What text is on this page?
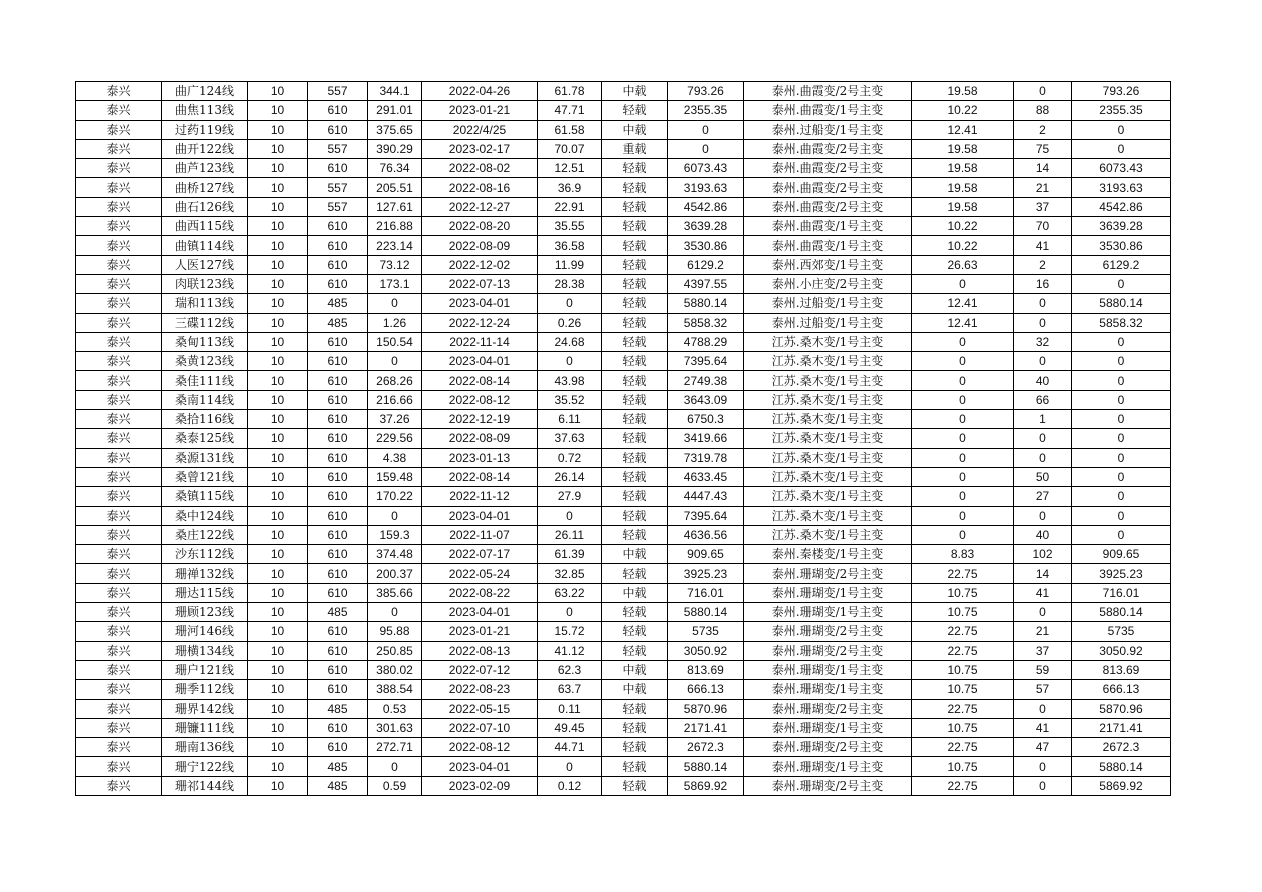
泰兴	曲广124线	10	557	344.1	2022-04-26	61.78	中载	793.26	泰州.曲霞变/2号主变	19.58	0	793.26
泰兴	曲焦113线	10	610	291.01	2023-01-21	47.71	轻载	2355.35	泰州.曲霞变/1号主变	10.22	88	2355.35
泰兴	过药119线	10	610	375.65	2022/4/25	61.58	中载	0	泰州.过船变/1号主变	12.41	2	0
泰兴	曲开122线	10	557	390.29	2023-02-17	70.07	重载	0	泰州.曲霞变/2号主变	19.58	75	0
泰兴	曲芦123线	10	610	76.34	2022-08-02	12.51	轻载	6073.43	泰州.曲霞变/2号主变	19.58	14	6073.43
泰兴	曲桥127线	10	557	205.51	2022-08-16	36.9	轻载	3193.63	泰州.曲霞变/2号主变	19.58	21	3193.63
泰兴	曲石126线	10	557	127.61	2022-12-27	22.91	轻载	4542.86	泰州.曲霞变/2号主变	19.58	37	4542.86
泰兴	曲西115线	10	610	216.88	2022-08-20	35.55	轻载	3639.28	泰州.曲霞变/1号主变	10.22	70	3639.28
泰兴	曲镇114线	10	610	223.14	2022-08-09	36.58	轻载	3530.86	泰州.曲霞变/1号主变	10.22	41	3530.86
泰兴	人医127线	10	610	73.12	2022-12-02	11.99	轻载	6129.2	泰州.西郊变/1号主变	26.63	2	6129.2
泰兴	肉联123线	10	610	173.1	2022-07-13	28.38	轻载	4397.55	泰州.小庄变/2号主变	0	16	0
泰兴	瑞和113线	10	485	0	2023-04-01	0	轻载	5880.14	泰州.过船变/1号主变	12.41	0	5880.14
泰兴	三碟112线	10	485	1.26	2022-12-24	0.26	轻载	5858.32	泰州.过船变/1号主变	12.41	0	5858.32
泰兴	桑甸113线	10	610	150.54	2022-11-14	24.68	轻载	4788.29	江苏.桑木变/1号主变	0	32	0
泰兴	桑黄123线	10	610	0	2023-04-01	0	轻载	7395.64	江苏.桑木变/1号主变	0	0	0
泰兴	桑佳111线	10	610	268.26	2022-08-14	43.98	轻载	2749.38	江苏.桑木变/1号主变	0	40	0
泰兴	桑南114线	10	610	216.66	2022-08-12	35.52	轻载	3643.09	江苏.桑木变/1号主变	0	66	0
泰兴	桑拾116线	10	610	37.26	2022-12-19	6.11	轻载	6750.3	江苏.桑木变/1号主变	0	1	0
泰兴	桑泰125线	10	610	229.56	2022-08-09	37.63	轻载	3419.66	江苏.桑木变/1号主变	0	0	0
泰兴	桑源131线	10	610	4.38	2023-01-13	0.72	轻载	7319.78	江苏.桑木变/1号主变	0	0	0
泰兴	桑曾121线	10	610	159.48	2022-08-14	26.14	轻载	4633.45	江苏.桑木变/1号主变	0	50	0
泰兴	桑镇115线	10	610	170.22	2022-11-12	27.9	轻载	4447.43	江苏.桑木变/1号主变	0	27	0
泰兴	桑中124线	10	610	0	2023-04-01	0	轻载	7395.64	江苏.桑木变/1号主变	0	0	0
泰兴	桑庄122线	10	610	159.3	2022-11-07	26.11	轻载	4636.56	江苏.桑木变/1号主变	0	40	0
泰兴	沙东112线	10	610	374.48	2022-07-17	61.39	中载	909.65	泰州.秦楼变/1号主变	8.83	102	909.65
泰兴	珊禅132线	10	610	200.37	2022-05-24	32.85	轻载	3925.23	泰州.珊瑚变/2号主变	22.75	14	3925.23
泰兴	珊达115线	10	610	385.66	2022-08-22	63.22	中载	716.01	泰州.珊瑚变/1号主变	10.75	41	716.01
泰兴	珊顾123线	10	485	0	2023-04-01	0	轻载	5880.14	泰州.珊瑚变/1号主变	10.75	0	5880.14
泰兴	珊河146线	10	610	95.88	2023-01-21	15.72	轻载	5735	泰州.珊瑚变/2号主变	22.75	21	5735
泰兴	珊横134线	10	610	250.85	2022-08-13	41.12	轻载	3050.92	泰州.珊瑚变/2号主变	22.75	37	3050.92
泰兴	珊户121线	10	610	380.02	2022-07-12	62.3	中载	813.69	泰州.珊瑚变/1号主变	10.75	59	813.69
泰兴	珊季112线	10	610	388.54	2022-08-23	63.7	中载	666.13	泰州.珊瑚变/1号主变	10.75	57	666.13
泰兴	珊界142线	10	485	0.53	2022-05-15	0.11	轻载	5870.96	泰州.珊瑚变/2号主变	22.75	0	5870.96
泰兴	珊镰111线	10	610	301.63	2022-07-10	49.45	轻载	2171.41	泰州.珊瑚变/1号主变	10.75	41	2171.41
泰兴	珊南136线	10	610	272.71	2022-08-12	44.71	轻载	2672.3	泰州.珊瑚变/2号主变	22.75	47	2672.3
泰兴	珊宁122线	10	485	0	2023-04-01	0	轻载	5880.14	泰州.珊瑚变/1号主变	10.75	0	5880.14
泰兴	珊祁144线	10	485	0.59	2023-02-09	0.12	轻载	5869.92	泰州.珊瑚变/2号主变	22.75	0	5869.92
